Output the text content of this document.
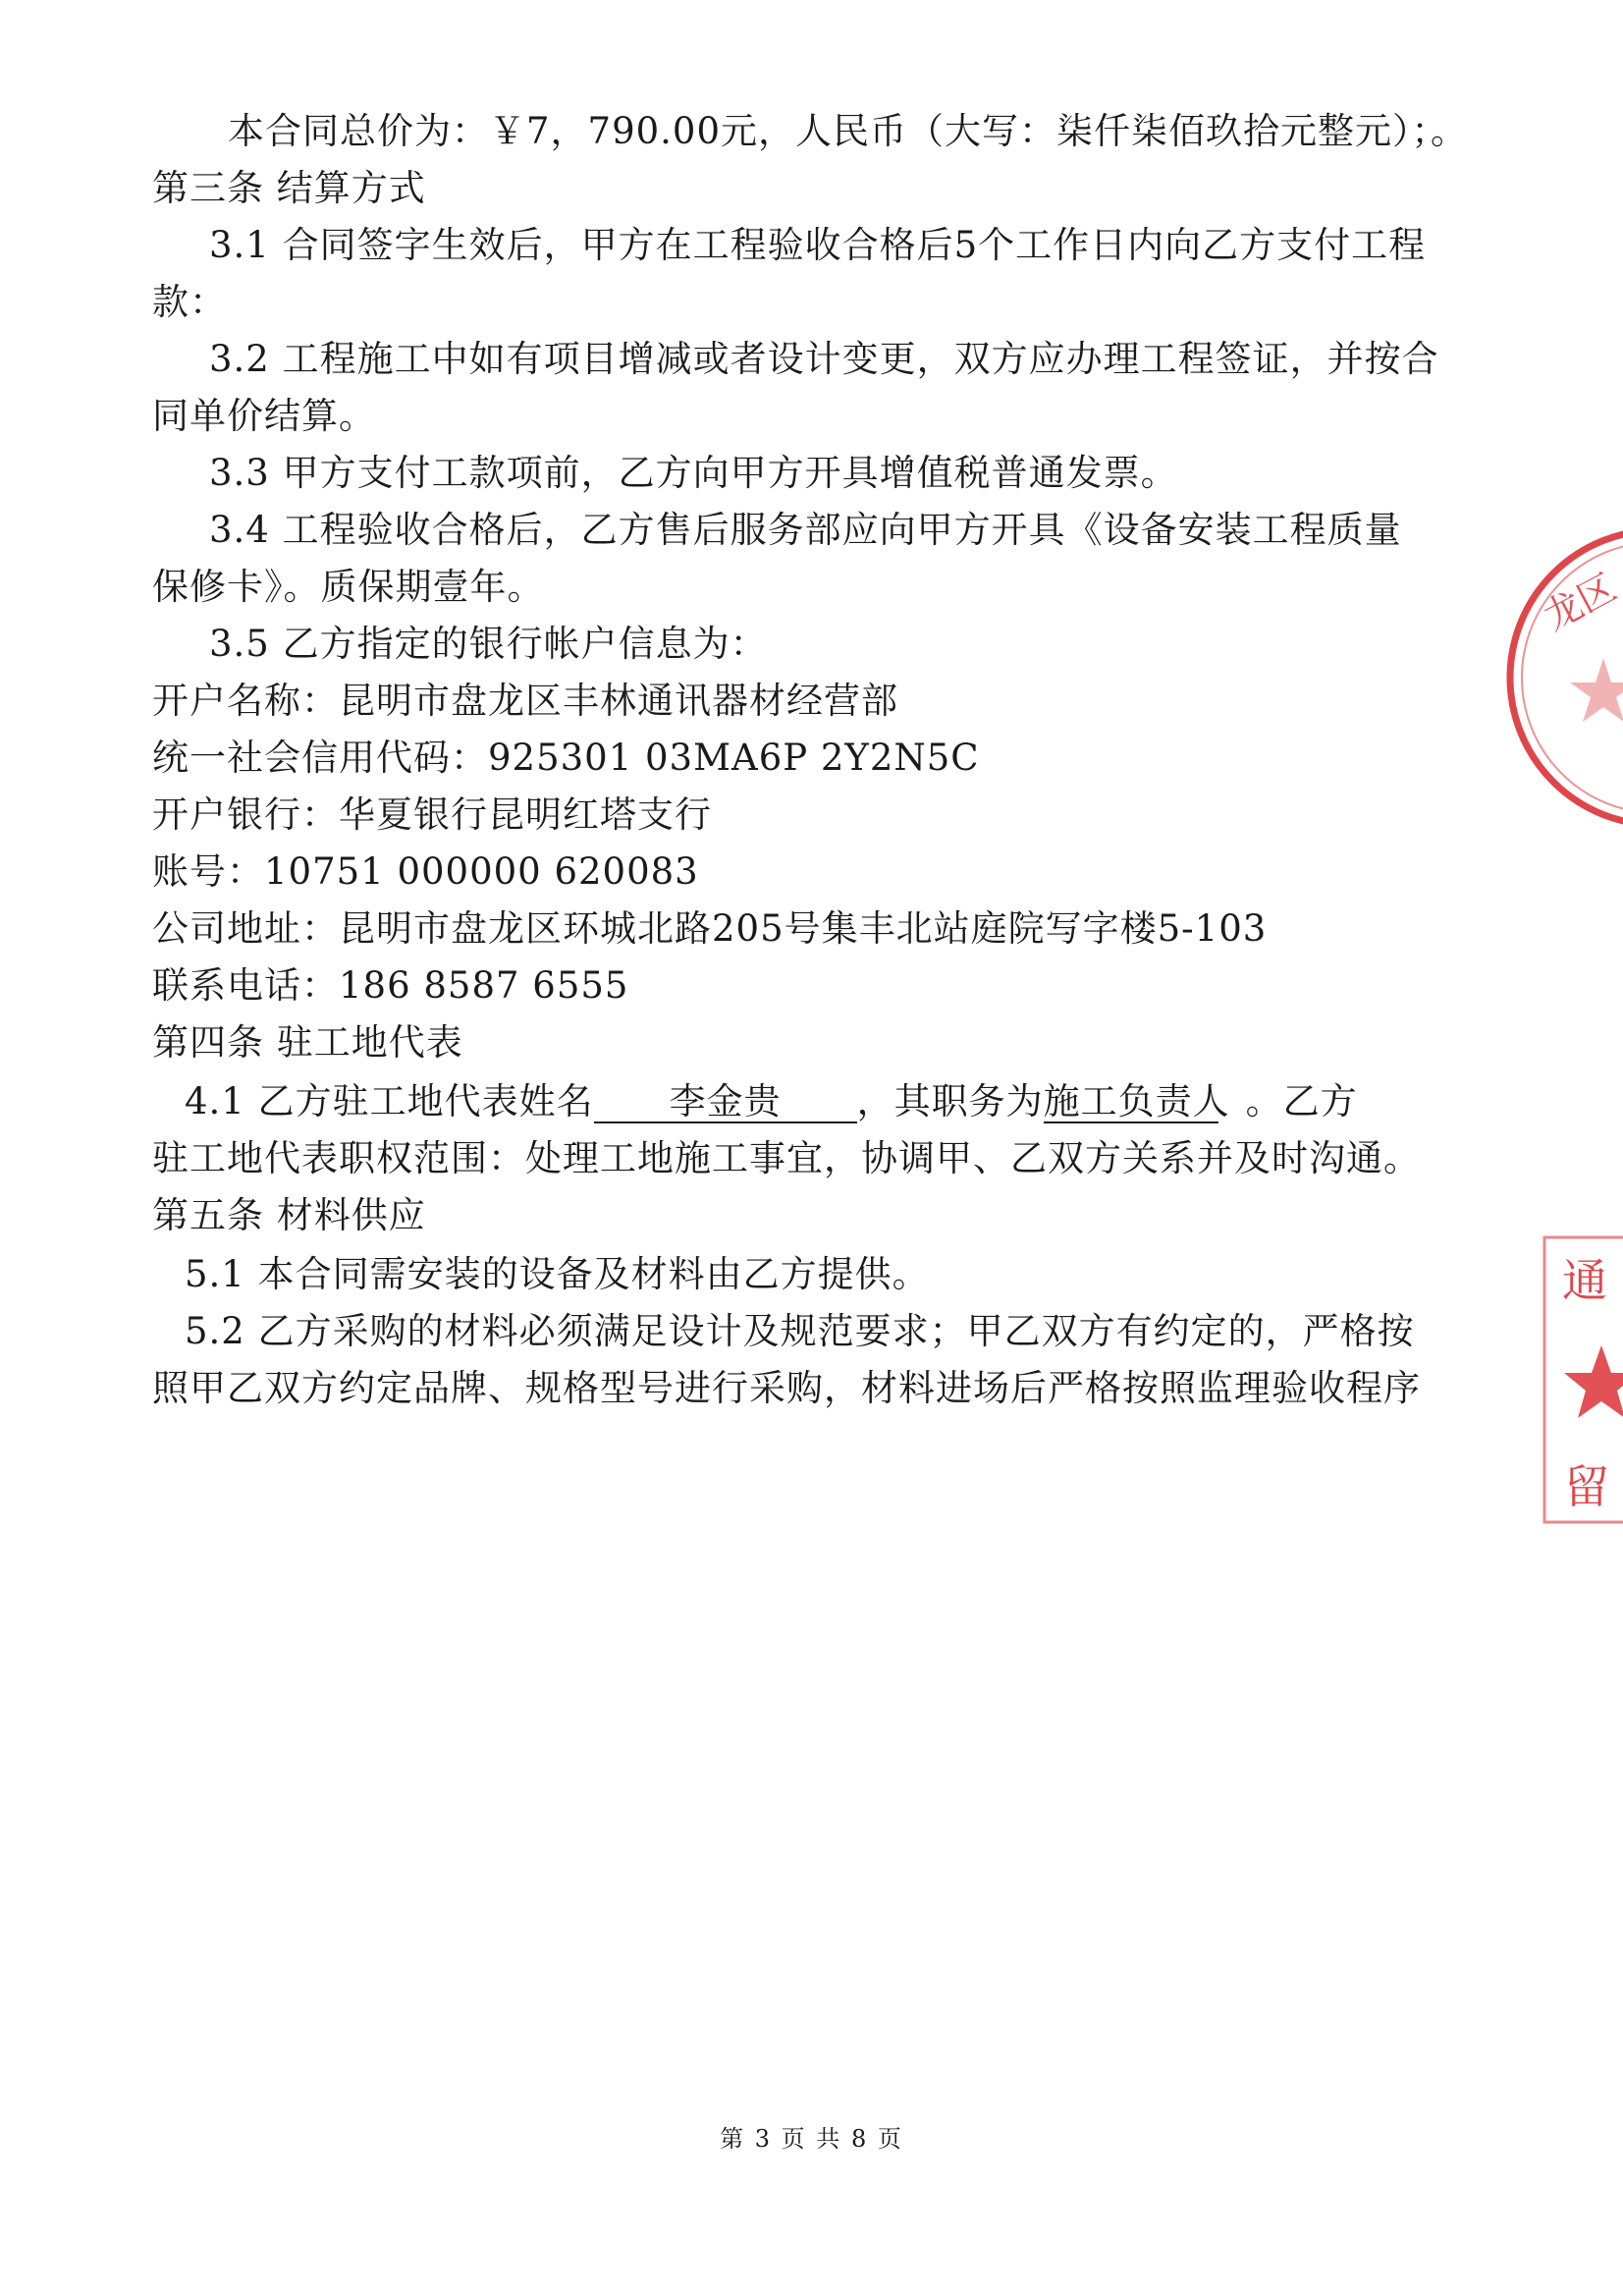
本合同总价为：￥7，790.00元，人民币（大写：柒仟柒佰玖拾元整元）；。
第三条 结算方式
3.1 合同签字生效后，甲方在工程验收合格后5个工作日内向乙方支付工程
款：
3.2 工程施工中如有项目增减或者设计变更，双方应办理工程签证，并按合
同单价结算。
3.3 甲方支付工款项前，乙方向甲方开具增值税普通发票。
3.4 工程验收合格后，乙方售后服务部应向甲方开具《设备安装工程质量
保修卡》。质保期壹年。
3.5 乙方指定的银行帐户信息为：
开户名称：昆明市盘龙区丰林通讯器材经营部
统一社会信用代码：925301 03MA6P 2Y2N5C
开户银行：华夏银行昆明红塔支行
账号：10751 000000 620083
公司地址：昆明市盘龙区环城北路205号集丰北站庭院写字楼5-103
联系电话：186 8587 6555
第四条 驻工地代表
4.1 乙方驻工地代表姓名 李金贵 ，其职务为施工负责人 。乙方
驻工地代表职权范围：处理工地施工事宜，协调甲、乙双方关系并及时沟通。
第五条 材料供应
5.1 本合同需安装的设备及材料由乙方提供。
5.2 乙方采购的材料必须满足设计及规范要求；甲乙双方有约定的，严格按
照甲乙双方约定品牌、规格型号进行采购，材料进场后严格按照监理验收程序
第 3 页 共 8 页
龙区
通
留
